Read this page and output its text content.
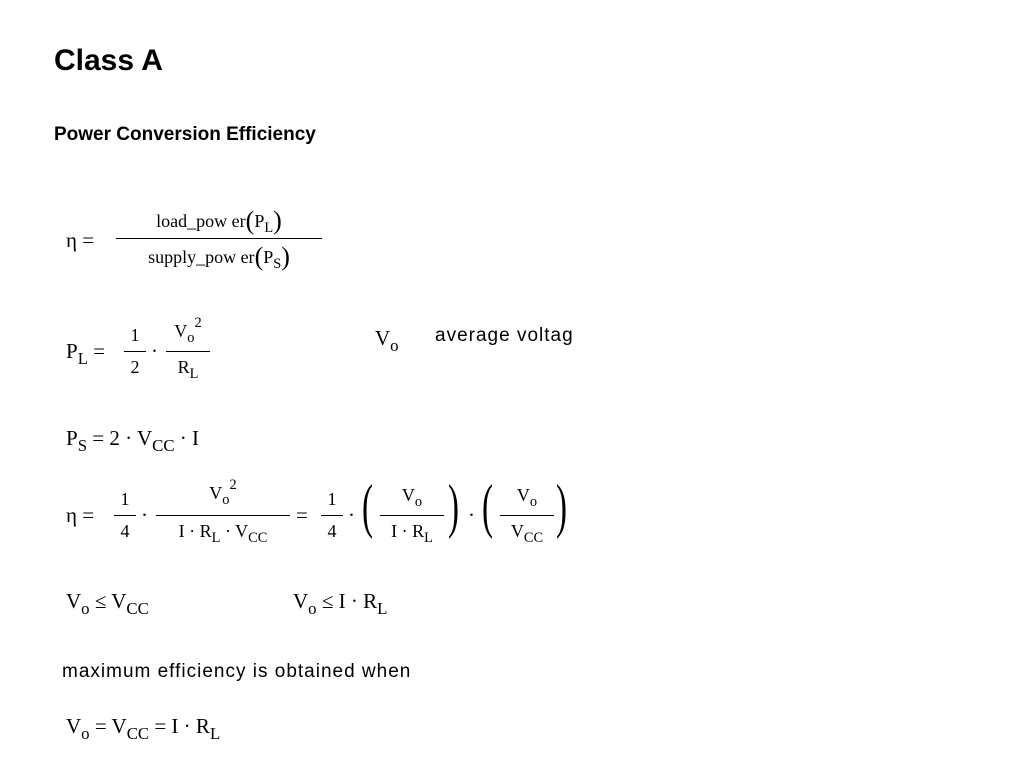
Class A
Power Conversion Efficiency
η =
load_pow $er(P_L)$
supply_pow $er(P_S)$
$P_L$ =
1
2
·
$V_o^2$
$R_L$
$V_o$ average voltag
$P_S = 2 \cdot V_{CC} \cdot I$
η =
1
4
·
$V_o^2$
$I \cdot R_L \cdot V_{CC}$
=
1
4
· (	$V_o$
$I \cdot R_L$ ) · (	$V_o$
$V_{CC}$ )
$V_o \le V_{CC}$	$V_o \le I \cdot R_L$
maximum efficiency is obtained when
$V_o = V_{CC} = I \cdot R_L$
